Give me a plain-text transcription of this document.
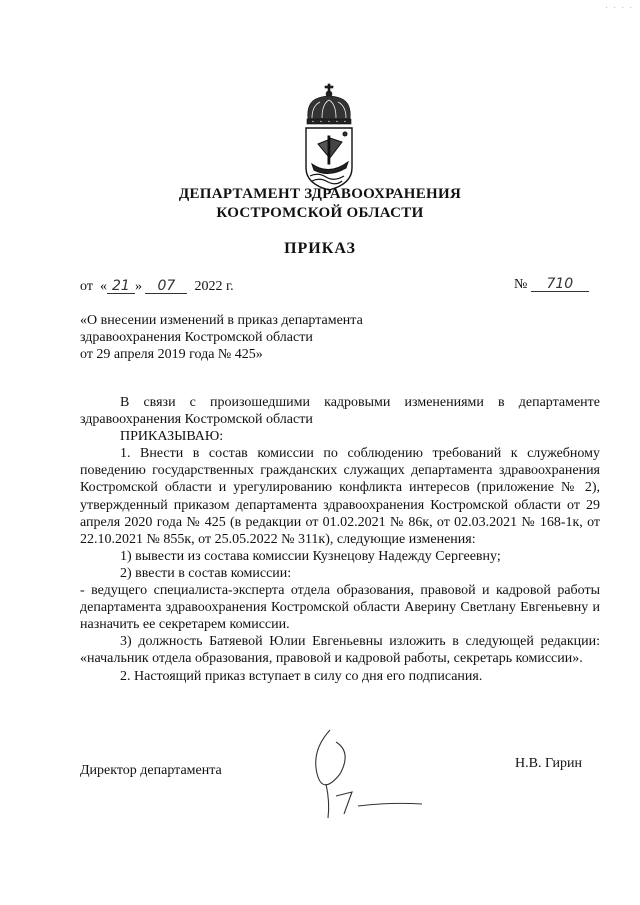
· · · ·
ДЕПАРТАМЕНТ ЗДРАВООХРАНЕНИЯ
КОСТРОМСКОЙ ОБЛАСТИ
ПРИКАЗ
от « 21 » 07 2022 г.	№ 710
«О внесении изменений в приказ департамента
здравоохранения Костромской области
от 29 апреля 2019 года № 425»

В связи с произошедшими кадровыми изменениями в департаменте здравоохранения Костромской области

ПРИКАЗЫВАЮ:

1. Внести в состав комиссии по соблюдению требований к служебному поведению государственных гражданских служащих департамента здравоохранения Костромской области и урегулированию конфликта интересов (приложение № 2), утвержденный приказом департамента здравоохранения Костромской области от 29 апреля 2020 года № 425 (в редакции от 01.02.2021 № 86к, от 02.03.2021 № 168-1к, от 22.10.2021 № 855к, от 25.05.2022 № 311к), следующие изменения:

1) вывести из состава комиссии Кузнецову Надежду Сергеевну;

2) ввести в состав комиссии:

- ведущего специалиста-эксперта отдела образования, правовой и кадровой работы департамента здравоохранения Костромской области Аверину Светлану Евгеньевну и назначить ее секретарем комиссии.

3) должность Батяевой Юлии Евгеньевны изложить в следующей редакции: «начальник отдела образования, правовой и кадровой работы, секретарь комиссии».

2. Настоящий приказ вступает в силу со дня его подписания.

Директор департамента	Н.В. Гирин
